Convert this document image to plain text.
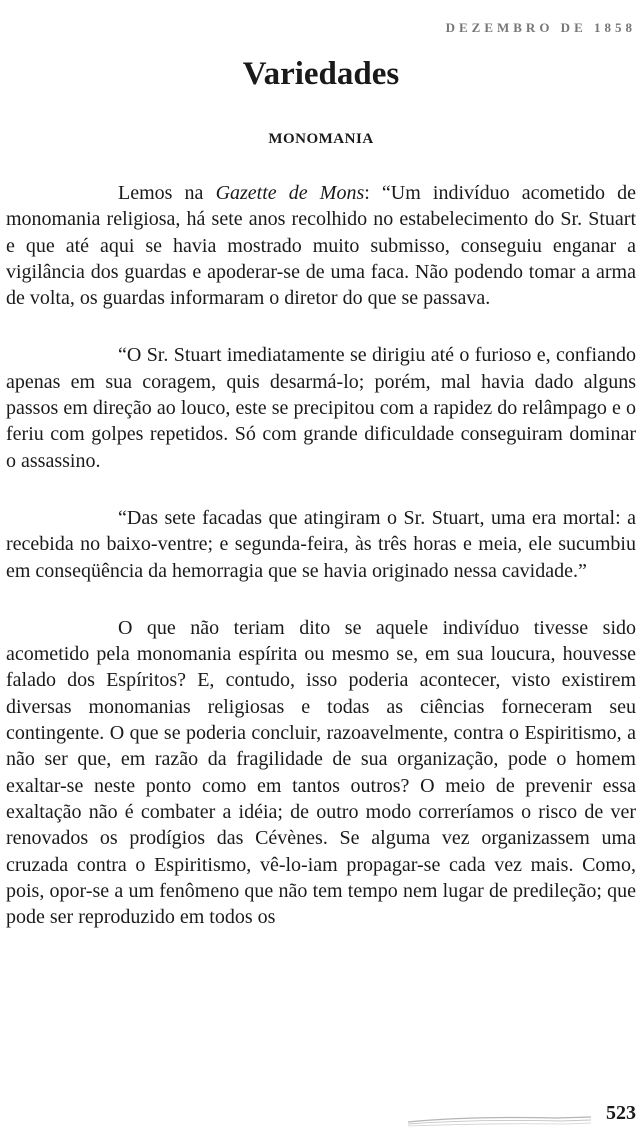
DEZEMBRO DE 1858
Variedades
MONOMANIA

Lemos na Gazette de Mons: “Um indivíduo acometido de monomania religiosa, há sete anos recolhido no estabelecimento do Sr. Stuart e que até aqui se havia mostrado muito submisso, conseguiu enganar a vigilância dos guardas e apoderar-se de uma faca. Não podendo tomar a arma de volta, os guardas informaram o diretor do que se passava.

“O Sr. Stuart imediatamente se dirigiu até o furioso e, confiando apenas em sua coragem, quis desarmá-lo; porém, mal havia dado alguns passos em direção ao louco, este se precipitou com a rapidez do relâmpago e o feriu com golpes repetidos. Só com grande dificuldade conseguiram dominar o assassino.

“Das sete facadas que atingiram o Sr. Stuart, uma era mortal: a recebida no baixo-ventre; e segunda-feira, às três horas e meia, ele sucumbiu em conseqüência da hemorragia que se havia originado nessa cavidade.”

O que não teriam dito se aquele indivíduo tivesse sido acometido pela monomania espírita ou mesmo se, em sua loucura, houvesse falado dos Espíritos? E, contudo, isso poderia acontecer, visto existirem diversas monomanias religiosas e todas as ciências forneceram seu contingente. O que se poderia concluir, razoavelmente, contra o Espiritismo, a não ser que, em razão da fragilidade de sua organização, pode o homem exaltar-se neste ponto como em tantos outros? O meio de prevenir essa exaltação não é combater a idéia; de outro modo correríamos o risco de ver renovados os prodígios das Cévènes. Se alguma vez organizassem uma cruzada contra o Espiritismo, vê-lo-iam propagar-se cada vez mais. Como, pois, opor-se a um fenômeno que não tem tempo nem lugar de predileção; que pode ser reproduzido em todos os

523
